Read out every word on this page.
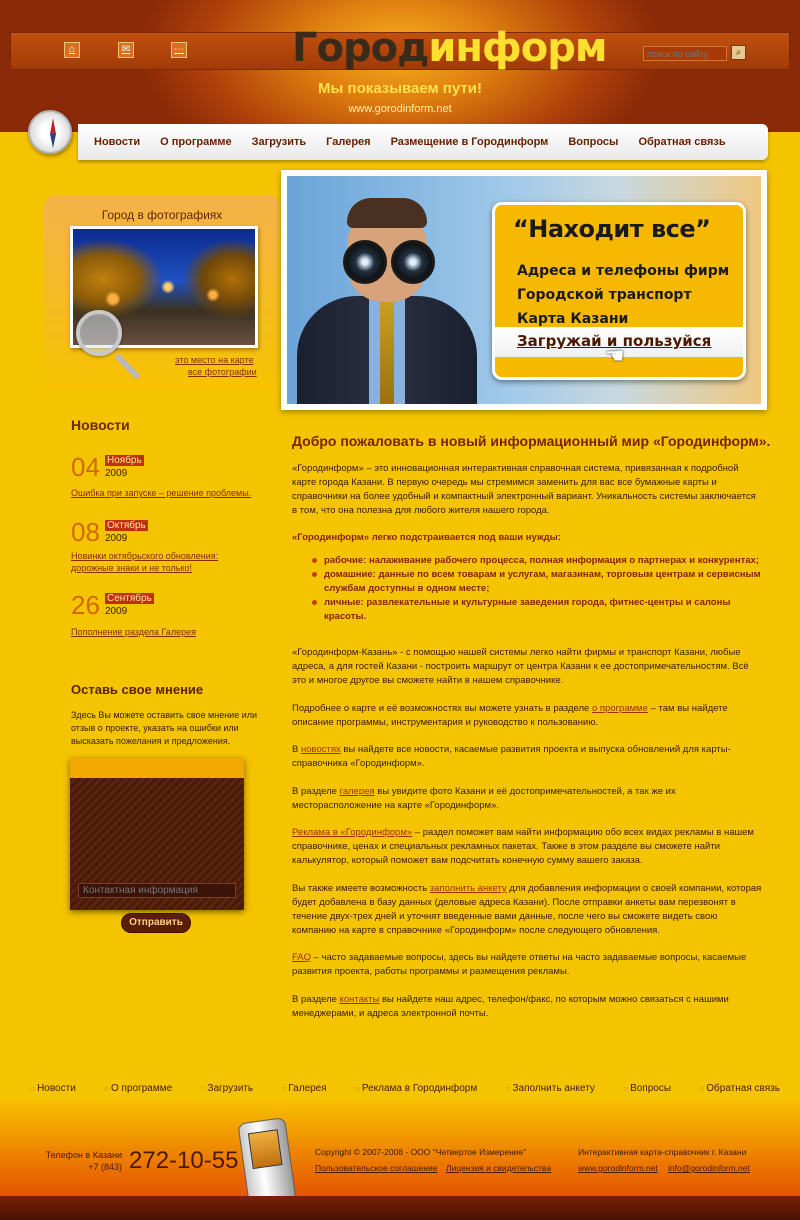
⌂	✉	⋯	Городинформ
Мы показываем пути!
www.gorodinform.net
поиск по сайту
⌕
Новости О программе Загрузить Галерея Размещение в Городинформ Вопросы Обратная связь
Город в фотографиях
это место на карте
все фотографии
Новости
04 Ноябрь
2009
Ошибка при запуске – решение проблемы.
08 Октябрь
2009
Новинки октябрьского обновления: дорожные знаки и не только!
26 Сентябрь
2009
Пополнение раздела Галерея
Оставь свое мнение
Здесь Вы можете оставить свое мнение или отзыв о проекте, указать на ошибки или высказать пожелания и предложения.
Контактная информация
Отправить
“Находит все”
Адреса и телефоны фирм
Городской транспорт
Карта Казани
Загружай и пользуйся
☚
Добро пожаловать в новый информационный мир «Городинформ».
«Городинформ» – это инновационная интерактивная справочная система, привязанная к подробной карте города Казани. В первую очередь мы стремимся заменить для вас все бумажные карты и справочники на более удобный и компактный электронный вариант. Уникальность системы заключается в том, что она полезна для любого жителя нашего города.
«Городинформ» легко подстраивается под ваши нужды:
рабочие: налаживание рабочего процесса, полная информация о партнерах и конкурентах;
домашние: данные по всем товарам и услугам, магазинам, торговым центрам и сервисным службам доступны в одном месте;
личные: развлекательные и культурные заведения города, фитнес-центры и салоны красоты.
«Городинформ-Казань» - с помощью нашей системы легко найти фирмы и транспорт Казани, любые адреса, а для гостей Казани - построить маршрут от центра Казани к ее достопримечательностям. Всё это и многое другое вы сможете найти в нашем справочнике.
Подробнее о карте и её возможностях вы можете узнать в разделе о программе – там вы найдете описание программы, инструментария и руководство к пользованию.
В новостях вы найдете все новости, касаемые развития проекта и выпуска обновлений для карты-справочника «Городинформ».
В разделе галерея вы увидите фото Казани и её достопримечательностей, а так же их месторасположение на карте «Городинформ».
Реклама в «Городинформ» – раздел поможет вам найти информацию обо всех видах рекламы в нашем справочнике, ценах и специальных рекламных пакетах. Также в этом разделе вы сможете найти калькулятор, который поможет вам подсчитать конечную сумму вашего заказа.
Вы также имеете возможность заполнить анкету для добавления информации о своей компании, которая будет добавлена в базу данных (деловые адреса Казани). После отправки анкеты вам перезвонят в течение двух-трех дней и уточнят введенные вами данные, после чего вы сможете видеть свою компанию на карте в справочнике «Городинформ» после следующего обновления.
FAQ – часто задаваемые вопросы, здесь вы найдете ответы на часто задаваемые вопросы, касаемые развития проекта, работы программы и размещения рекламы.
В разделе контакты вы найдете наш адрес, телефон/факс, по которым можно связаться с нашими менеджерами, и адреса электронной почты.
○ Новости	○ О программе	○ Загрузить	○ Галерея	○ Реклама в Городинформ	○ Заполнить анкету	○ Вопросы	○ Обратная связь
Телефон в Казани
+7 (843) 272-10-55	Copyright © 2007-2008 - ООО "Четвертое Измерение"
Пользовательское соглашение Лицензия и свидетельства
Интерактивная карта-справочник г. Казани
www.gorodinform.net info@gorodinform.net
